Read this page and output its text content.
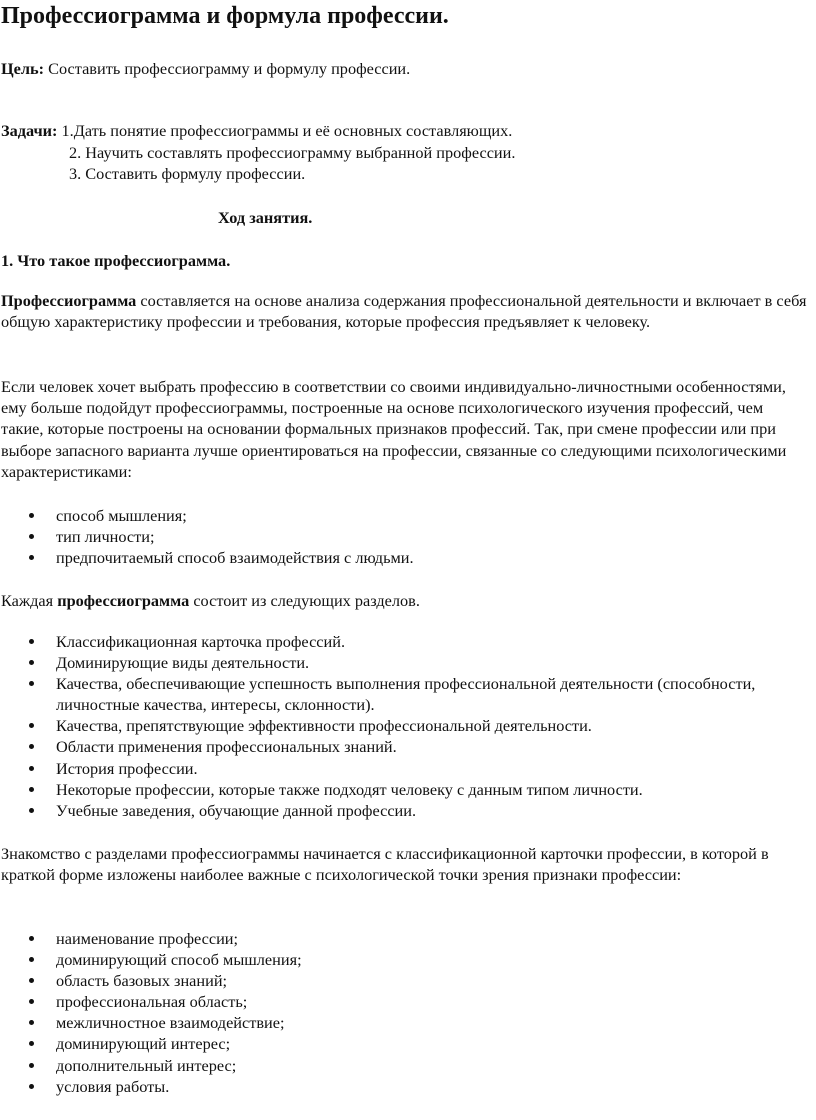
Профессиограмма и формула профессии.

Цель: Составить профессиограмму и формулу профессии.

Задачи: 1.Дать понятие профессиограммы и её основных составляющих.

2. Научить составлять профессиограмму выбранной профессии.

3. Составить формулу профессии.

Ход занятия.

1. Что такое профессиограмма.

Профессиограмма составляется на основе анализа содержания профессиональной деятельности и включает в себя общую характеристику профессии и требования, которые профессия предъявляет к человеку.

Если человек хочет выбрать профессию в соответствии со своими индивидуально-личностными особенностями, ему больше подойдут профессиограммы, построенные на основе психологического изучения профессий, чем такие, которые построены на основании формальных признаков профессий. Так, при смене профессии или при выборе запасного варианта лучше ориентироваться на профессии, связанные со следующими психологическими характеристиками:

способ мышления;
тип личности;
предпочитаемый способ взаимодействия с людьми.

Каждая профессиограмма состоит из следующих разделов.

Классификационная карточка профессий.
Доминирующие виды деятельности.
Качества, обеспечивающие успешность выполнения профессиональной деятельности (способности, личностные качества, интересы, склонности).
Качества, препятствующие эффективности профессиональной деятельности.
Области применения профессиональных знаний.
История профессии.
Некоторые профессии, которые также подходят человеку с данным типом личности.
Учебные заведения, обучающие данной профессии.

Знакомство с разделами профессиограммы начинается с классификационной карточки профессии, в которой в краткой форме изложены наиболее важные с психологической точки зрения признаки профессии:

наименование профессии;
доминирующий способ мышления;
область базовых знаний;
профессиональная область;
межличностное взаимодействие;
доминирующий интерес;
дополнительный интерес;
условия работы.
